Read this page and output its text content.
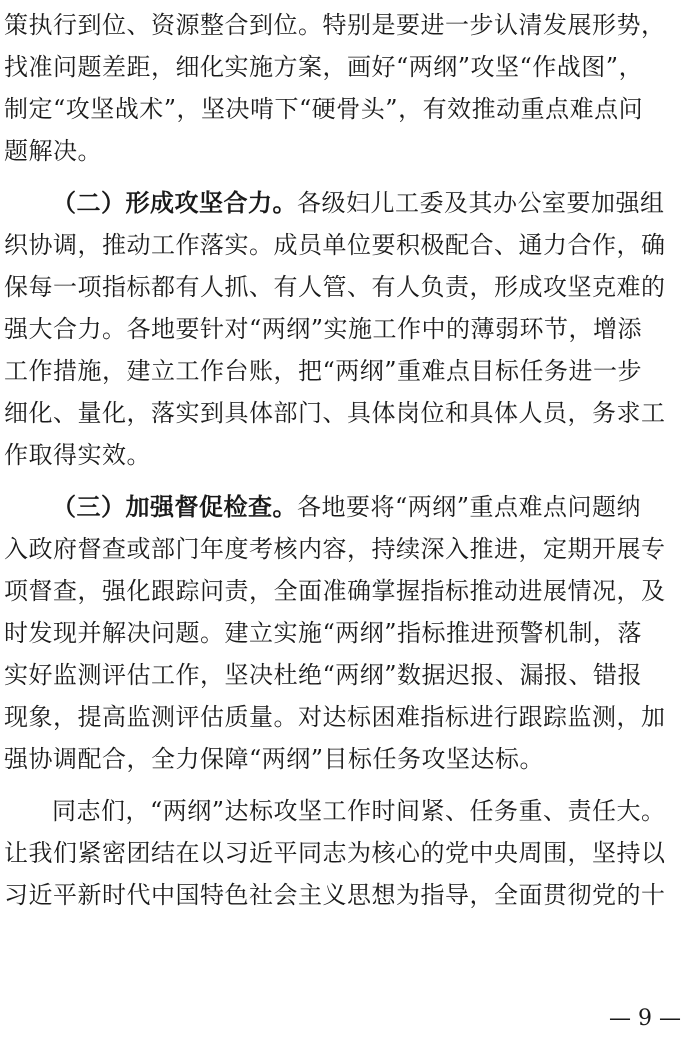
策执行到位、资源整合到位。特别是要进一步认清发展形势，
找准问题差距，细化实施方案，画好“两纲”攻坚“作战图”，
制定“攻坚战术”，坚决啃下“硬骨头”，有效推动重点难点问
题解决。
（二）形成攻坚合力。各级妇儿工委及其办公室要加强组
织协调，推动工作落实。成员单位要积极配合、通力合作，确
保每一项指标都有人抓、有人管、有人负责，形成攻坚克难的
强大合力。各地要针对“两纲”实施工作中的薄弱环节，增添
工作措施，建立工作台账，把“两纲”重难点目标任务进一步
细化、量化，落实到具体部门、具体岗位和具体人员，务求工
作取得实效。
（三）加强督促检查。各地要将“两纲”重点难点问题纳
入政府督查或部门年度考核内容，持续深入推进，定期开展专
项督查，强化跟踪问责，全面准确掌握指标推动进展情况，及
时发现并解决问题。建立实施“两纲”指标推进预警机制，落
实好监测评估工作，坚决杜绝“两纲”数据迟报、漏报、错报
现象，提高监测评估质量。对达标困难指标进行跟踪监测，加
强协调配合，全力保障“两纲”目标任务攻坚达标。
同志们，“两纲”达标攻坚工作时间紧、任务重、责任大。
让我们紧密团结在以习近平同志为核心的党中央周围，坚持以
习近平新时代中国特色社会主义思想为指导，全面贯彻党的十
— 9 —
